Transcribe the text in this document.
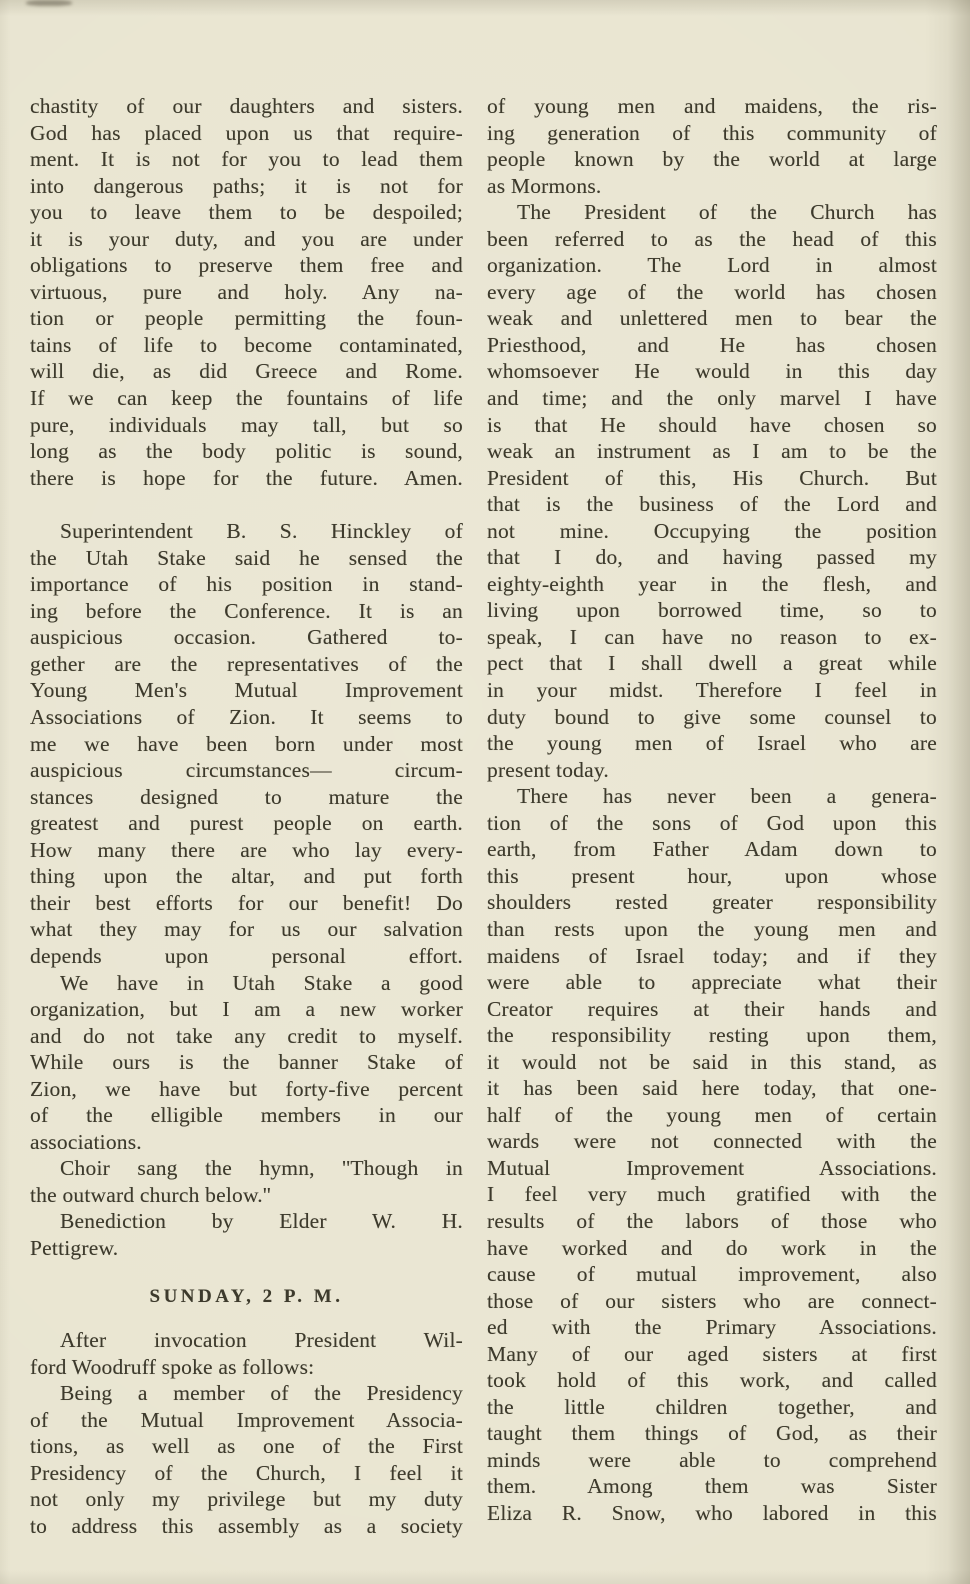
chastity of our daughters and sisters.
God has placed upon us that require-
ment. It is not for you to lead them
into dangerous paths; it is not for
you to leave them to be despoiled;
it is your duty, and you are under
obligations to preserve them free and
virtuous, pure and holy. Any na-
tion or people permitting the foun-
tains of life to become contaminated,
will die, as did Greece and Rome.
If we can keep the fountains of life
pure, individuals may tall, but so
long as the body politic is sound,
there is hope for the future. Amen.
Superintendent B. S. Hinckley of
the Utah Stake said he sensed the
importance of his position in stand-
ing before the Conference. It is an
auspicious occasion. Gathered to-
gether are the representatives of the
Young Men's Mutual Improvement
Associations of Zion. It seems to
me we have been born under most
auspicious circumstances— circum-
stances designed to mature the
greatest and purest people on earth.
How many there are who lay every-
thing upon the altar, and put forth
their best efforts for our benefit! Do
what they may for us our salvation
depends upon personal effort.
We have in Utah Stake a good
organization, but I am a new worker
and do not take any credit to myself.
While ours is the banner Stake of
Zion, we have but forty-five percent
of the elligible members in our
associations.
Choir sang the hymn, ''Though in
the outward church below.''
Benediction by Elder W. H.
Pettigrew.
SUNDAY, 2 P. M.
After invocation President Wil-
ford Woodruff spoke as follows:
Being a member of the Presidency
of the Mutual Improvement Associa-
tions, as well as one of the First
Presidency of the Church, I feel it
not only my privilege but my duty
to address this assembly as a society
of young men and maidens, the ris-
ing generation of this community of
people known by the world at large
as Mormons.
The President of the Church has
been referred to as the head of this
organization. The Lord in almost
every age of the world has chosen
weak and unlettered men to bear the
Priesthood, and He has chosen
whomsoever He would in this day
and time; and the only marvel I have
is that He should have chosen so
weak an instrument as I am to be the
President of this, His Church. But
that is the business of the Lord and
not mine. Occupying the position
that I do, and having passed my
eighty-eighth year in the flesh, and
living upon borrowed time, so to
speak, I can have no reason to ex-
pect that I shall dwell a great while
in your midst. Therefore I feel in
duty bound to give some counsel to
the young men of Israel who are
present today.
There has never been a genera-
tion of the sons of God upon this
earth, from Father Adam down to
this present hour, upon whose
shoulders rested greater responsibility
than rests upon the young men and
maidens of Israel today; and if they
were able to appreciate what their
Creator requires at their hands and
the responsibility resting upon them,
it would not be said in this stand, as
it has been said here today, that one-
half of the young men of certain
wards were not connected with the
Mutual Improvement Associations.
I feel very much gratified with the
results of the labors of those who
have worked and do work in the
cause of mutual improvement, also
those of our sisters who are connect-
ed with the Primary Associations.
Many of our aged sisters at first
took hold of this work, and called
the little children together, and
taught them things of God, as their
minds were able to comprehend
them. Among them was Sister
Eliza R. Snow, who labored in this
